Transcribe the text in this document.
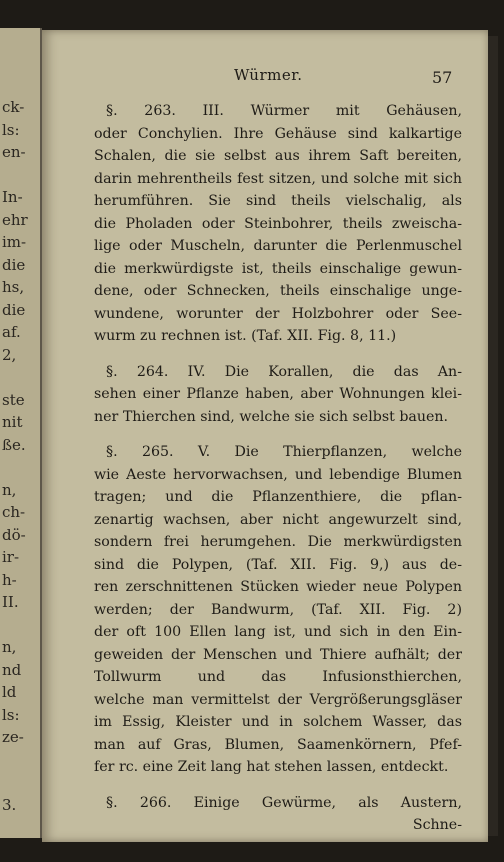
ck-
ls:
en-
In-
ehr
im-
die
hs,
die
af.
2,
ste
nit
ße.
n,
ch-
dö-
ir-
h-
II.
n,
nd
ld
ls:
ze-
3.
Würmer.	57
§. 263. III. Würmer mit Gehäusen,
oder Conchylien. Ihre Gehäuse sind kalkartige
Schalen, die sie selbst aus ihrem Saft bereiten,
darin mehrentheils fest sitzen, und solche mit sich
herumführen. Sie sind theils vielschalig, als
die Pholaden oder Steinbohrer, theils zweischa-
lige oder Muscheln, darunter die Perlenmuschel
die merkwürdigste ist, theils einschalige gewun-
dene, oder Schnecken, theils einschalige unge-
wundene, worunter der Holzbohrer oder See-
wurm zu rechnen ist. (Taf. XII. Fig. 8, 11.)
§. 264. IV. Die Korallen, die das An-
sehen einer Pflanze haben, aber Wohnungen klei-
ner Thierchen sind, welche sie sich selbst bauen.
§. 265. V. Die Thierpflanzen, welche
wie Aeste hervorwachsen, und lebendige Blumen
tragen; und die Pflanzenthiere, die pflan-
zenartig wachsen, aber nicht angewurzelt sind,
sondern frei herumgehen. Die merkwürdigsten
sind die Polypen, (Taf. XII. Fig. 9,) aus de-
ren zerschnittenen Stücken wieder neue Polypen
werden; der Bandwurm, (Taf. XII. Fig. 2)
der oft 100 Ellen lang ist, und sich in den Ein-
geweiden der Menschen und Thiere aufhält; der
Tollwurm und das Infusionsthierchen,
welche man vermittelst der Vergrößerungsgläser
im Essig, Kleister und in solchem Wasser, das
man auf Gras, Blumen, Saamenkörnern, Pfef-
fer rc. eine Zeit lang hat stehen lassen, entdeckt.
§. 266. Einige Gewürme, als Austern,
Schne-
